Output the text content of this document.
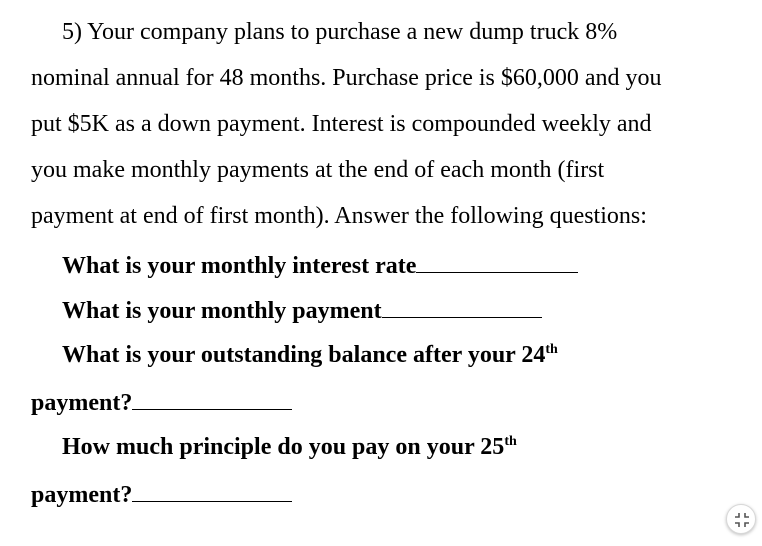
5) Your company plans to purchase a new dump truck 8%
nominal annual for 48 months. Purchase price is $60,000 and you
put $5K as a down payment. Interest is compounded weekly and
you make monthly payments at the end of each month (first
payment at end of first month). Answer the following questions:
What is your monthly interest rate
What is your monthly payment
What is your outstanding balance after your 24th
payment?
How much principle do you pay on your 25th
payment?
